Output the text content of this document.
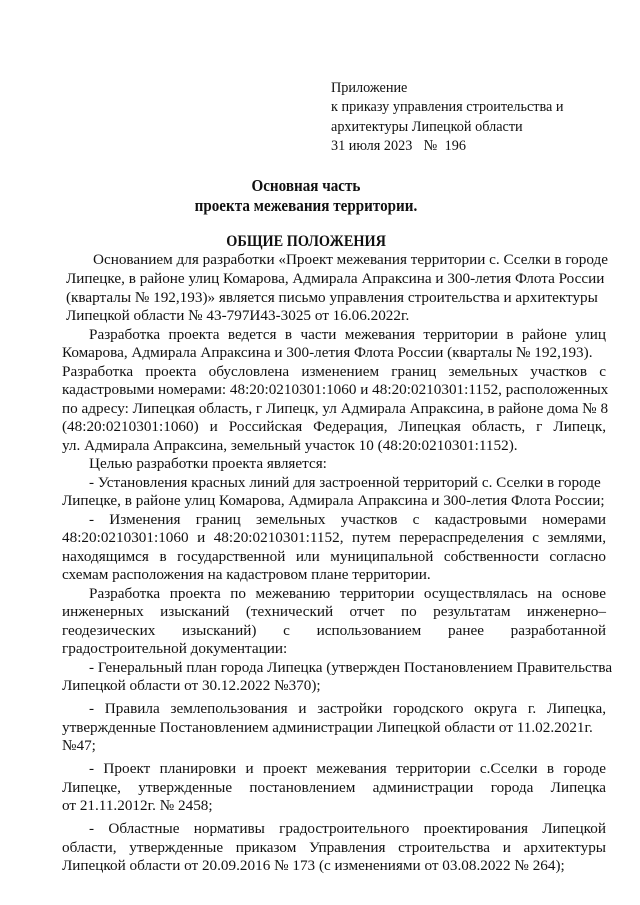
Приложение
к приказу управления строительства и
архитектуры Липецкой области
31 июля 2023 № 196
Основная часть
проекта межевания территории.
ОБЩИЕ ПОЛОЖЕНИЯ
Основанием для разработки «Проект межевания территории с. Сселки в городе
Липецке, в районе улиц Комарова, Адмирала Апраксина и 300-летия Флота России
(кварталы № 192,193)» является письмо управления строительства и архитектуры
Липецкой области № 43-797И43-3025 от 16.06.2022г.
Разработка проекта ведется в части межевания территории в районе улиц
Комарова, Адмирала Апраксина и 300-летия Флота России (кварталы № 192,193).
Разработка проекта обусловлена изменением границ земельных участков с
кадастровыми номерами: 48:20:0210301:1060 и 48:20:0210301:1152, расположенных
по адресу: Липецкая область, г Липецк, ул Адмирала Апраксина, в районе дома № 8
(48:20:0210301:1060) и Российская Федерация, Липецкая область, г Липецк,
ул. Адмирала Апраксина, земельный участок 10 (48:20:0210301:1152).
Целью разработки проекта является:
- Установления красных линий для застроенной территорий с. Сселки в городе
Липецке, в районе улиц Комарова, Адмирала Апраксина и 300-летия Флота России;
- Изменения границ земельных участков с кадастровыми номерами
48:20:0210301:1060 и 48:20:0210301:1152, путем перераспределения с землями,
находящимся в государственной или муниципальной собственности согласно
схемам расположения на кадастровом плане территории.
Разработка проекта по межеванию территории осуществлялась на основе
инженерных изысканий (технический отчет по результатам инженерно–
геодезических изысканий) с использованием ранее разработанной
градостроительной документации:
- Генеральный план города Липецка (утвержден Постановлением Правительства
Липецкой области от 30.12.2022 №370);
- Правила землепользования и застройки городского округа г. Липецка,
утвержденные Постановлением администрации Липецкой области от 11.02.2021г.
№47;
- Проект планировки и проект межевания территории с.Сселки в городе
Липецке, утвержденные постановлением администрации города Липецка
от 21.11.2012г. № 2458;
- Областные нормативы градостроительного проектирования Липецкой
области, утвержденные приказом Управления строительства и архитектуры
Липецкой области от 20.09.2016 № 173 (с изменениями от 03.08.2022 № 264);
